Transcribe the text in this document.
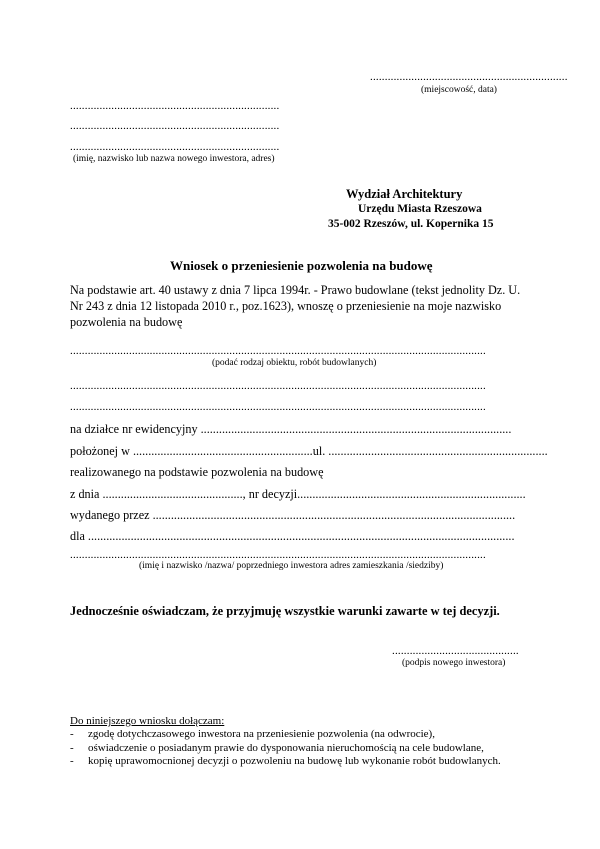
...................................................................
(miejscowość, data)
.......................................................................
.......................................................................
.......................................................................
(imię, nazwisko lub nazwa nowego inwestora, adres)
Wydział Architektury
Urzędu Miasta Rzeszowa
35-002 Rzeszów, ul. Kopernika 15
Wniosek o przeniesienie pozwolenia na budowę
Na podstawie art. 40 ustawy z dnia 7 lipca 1994r. - Prawo budowlane (tekst jednolity Dz. U.
Nr 243 z dnia 12 listopada 2010 r., poz.1623), wnoszę o przeniesienie na moje nazwisko
pozwolenia na budowę
.............................................................................................................................................
(podać rodzaj obiektu, robót budowlanych)
.............................................................................................................................................
.............................................................................................................................................
na działce nr ewidencyjny ......................................................................................................
położonej w ...........................................................ul. ........................................................................
realizowanego na podstawie pozwolenia na budowę
z dnia .............................................., nr decyzji...........................................................................
wydanego przez .......................................................................................................................
dla ............................................................................................................................................
.............................................................................................................................................
(imię i nazwisko /nazwa/ poprzedniego inwestora adres zamieszkania /siedziby)
Jednocześnie oświadczam, że przyjmuję wszystkie warunki zawarte w tej decyzji.
...........................................
(podpis nowego inwestora)
Do niniejszego wniosku dołączam:
- zgodę dotychczasowego inwestora na przeniesienie pozwolenia (na odwrocie),
- oświadczenie o posiadanym prawie do dysponowania nieruchomością na cele budowlane,
- kopię uprawomocnionej decyzji o pozwoleniu na budowę lub wykonanie robót budowlanych.
